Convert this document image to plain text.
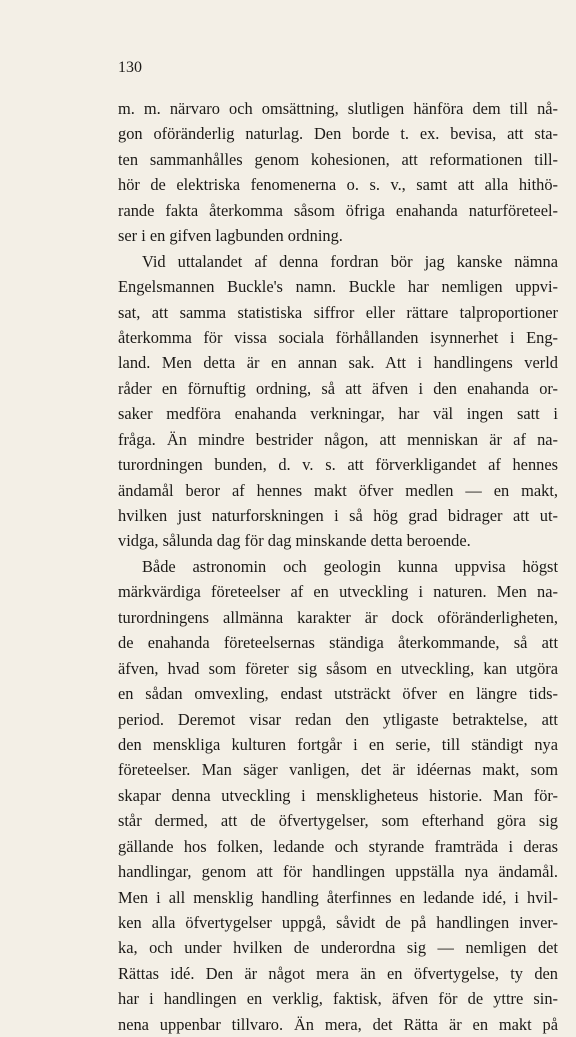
130
m. m. närvaro och omsättning, slutligen hänföra dem till nå-
gon oföränderlig naturlag. Den borde t. ex. bevisa, att sta-
ten sammanhålles genom kohesionen, att reformationen till-
hör de elektriska fenomenerna o. s. v., samt att alla hithö-
rande fakta återkomma såsom öfriga enahanda naturföreteel-
ser i en gifven lagbunden ordning.
Vid uttalandet af denna fordran bör jag kanske nämna
Engelsmannen Buckle's namn. Buckle har nemligen uppvi-
sat, att samma statistiska siffror eller rättare talproportioner
återkomma för vissa sociala förhållanden isynnerhet i Eng-
land. Men detta är en annan sak. Att i handlingens verld
råder en förnuftig ordning, så att äfven i den enahanda or-
saker medföra enahanda verkningar, har väl ingen satt i
fråga. Än mindre bestrider någon, att menniskan är af na-
turordningen bunden, d. v. s. att förverkligandet af hennes
ändamål beror af hennes makt öfver medlen — en makt,
hvilken just naturforskningen i så hög grad bidrager att ut-
vidga, sålunda dag för dag minskande detta beroende.
Både astronomin och geologin kunna uppvisa högst
märkvärdiga företeelser af en utveckling i naturen. Men na-
turordningens allmänna karakter är dock oföränderligheten,
de enahanda företeelsernas ständiga återkommande, så att
äfven, hvad som företer sig såsom en utveckling, kan utgöra
en sådan omvexling, endast utsträckt öfver en längre tids-
period. Deremot visar redan den ytligaste betraktelse, att
den menskliga kulturen fortgår i en serie, till ständigt nya
företeelser. Man säger vanligen, det är idéernas makt, som
skapar denna utveckling i menskligheteus historie. Man för-
står dermed, att de öfvertygelser, som efterhand göra sig
gällande hos folken, ledande och styrande framträda i deras
handlingar, genom att för handlingen uppställa nya ändamål.
Men i all mensklig handling återfinnes en ledande idé, i hvil-
ken alla öfvertygelser uppgå, såvidt de på handlingen inver-
ka, och under hvilken de underordna sig — nemligen det
Rättas idé. Den är något mera än en öfvertygelse, ty den
har i handlingen en verklig, faktisk, äfven för de yttre sin-
nena uppenbar tillvaro. Än mera, det Rätta är en makt på
